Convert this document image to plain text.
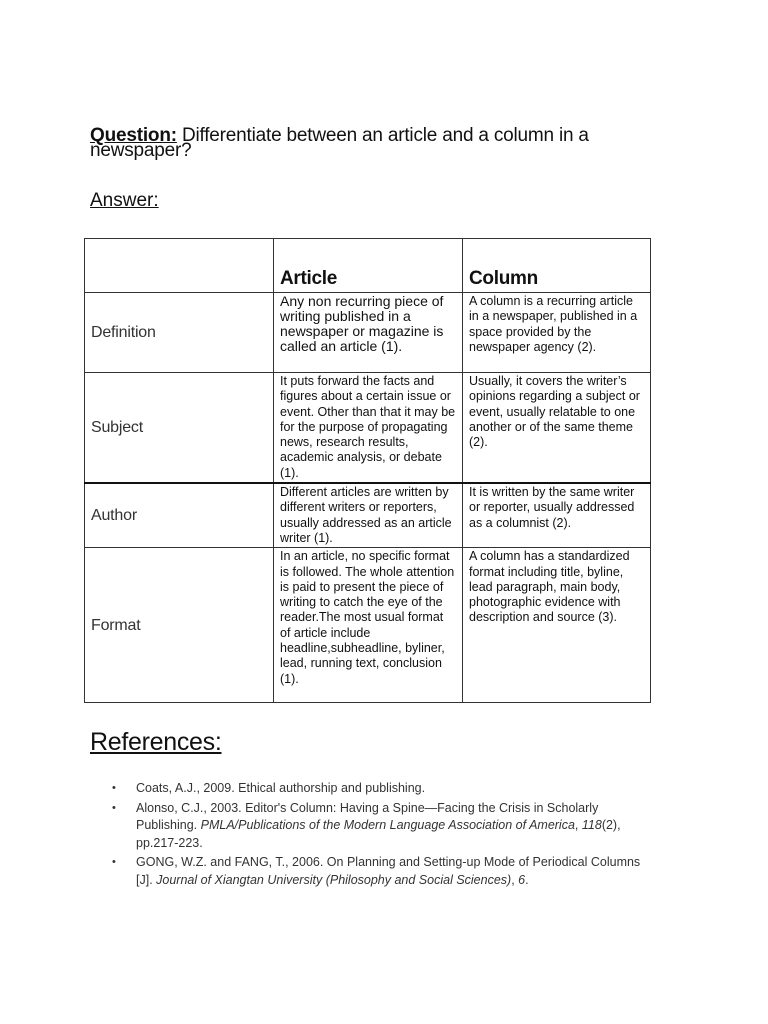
Question: Differentiate between an article and a column in a newspaper?
Answer:
	Article	Column
Definition	Any non recurring piece of writing published in a newspaper or magazine is called an article (1).	A column is a recurring article in a newspaper, published in a space provided by the newspaper agency (2).
Subject	It puts forward the facts and figures about a certain issue or event. Other than that it may be for the purpose of propagating news, research results, academic analysis, or debate (1).	Usually, it covers the writer’s opinions regarding a subject or event, usually relatable to one another or of the same theme (2).
Author	Different articles are written by different writers or reporters, usually addressed as an article writer (1).	It is written by the same writer or reporter, usually addressed as a columnist (2).
Format	In an article, no specific format is followed. The whole attention is paid to present the piece of writing to catch the eye of the reader.The most usual format of article include headline,subheadline, byliner, lead, running text, conclusion (1).	A column has a standardized format including title, byline, lead paragraph, main body, photographic evidence with description and source (3).
References:
• Coats, A.J., 2009. Ethical authorship and publishing.
• Alonso, C.J., 2003. Editor's Column: Having a Spine—Facing the Crisis in Scholarly Publishing. PMLA/Publications of the Modern Language Association of America, 118(2), pp.217-223.
• GONG, W.Z. and FANG, T., 2006. On Planning and Setting-up Mode of Periodical Columns [J]. Journal of Xiangtan University (Philosophy and Social Sciences), 6.
